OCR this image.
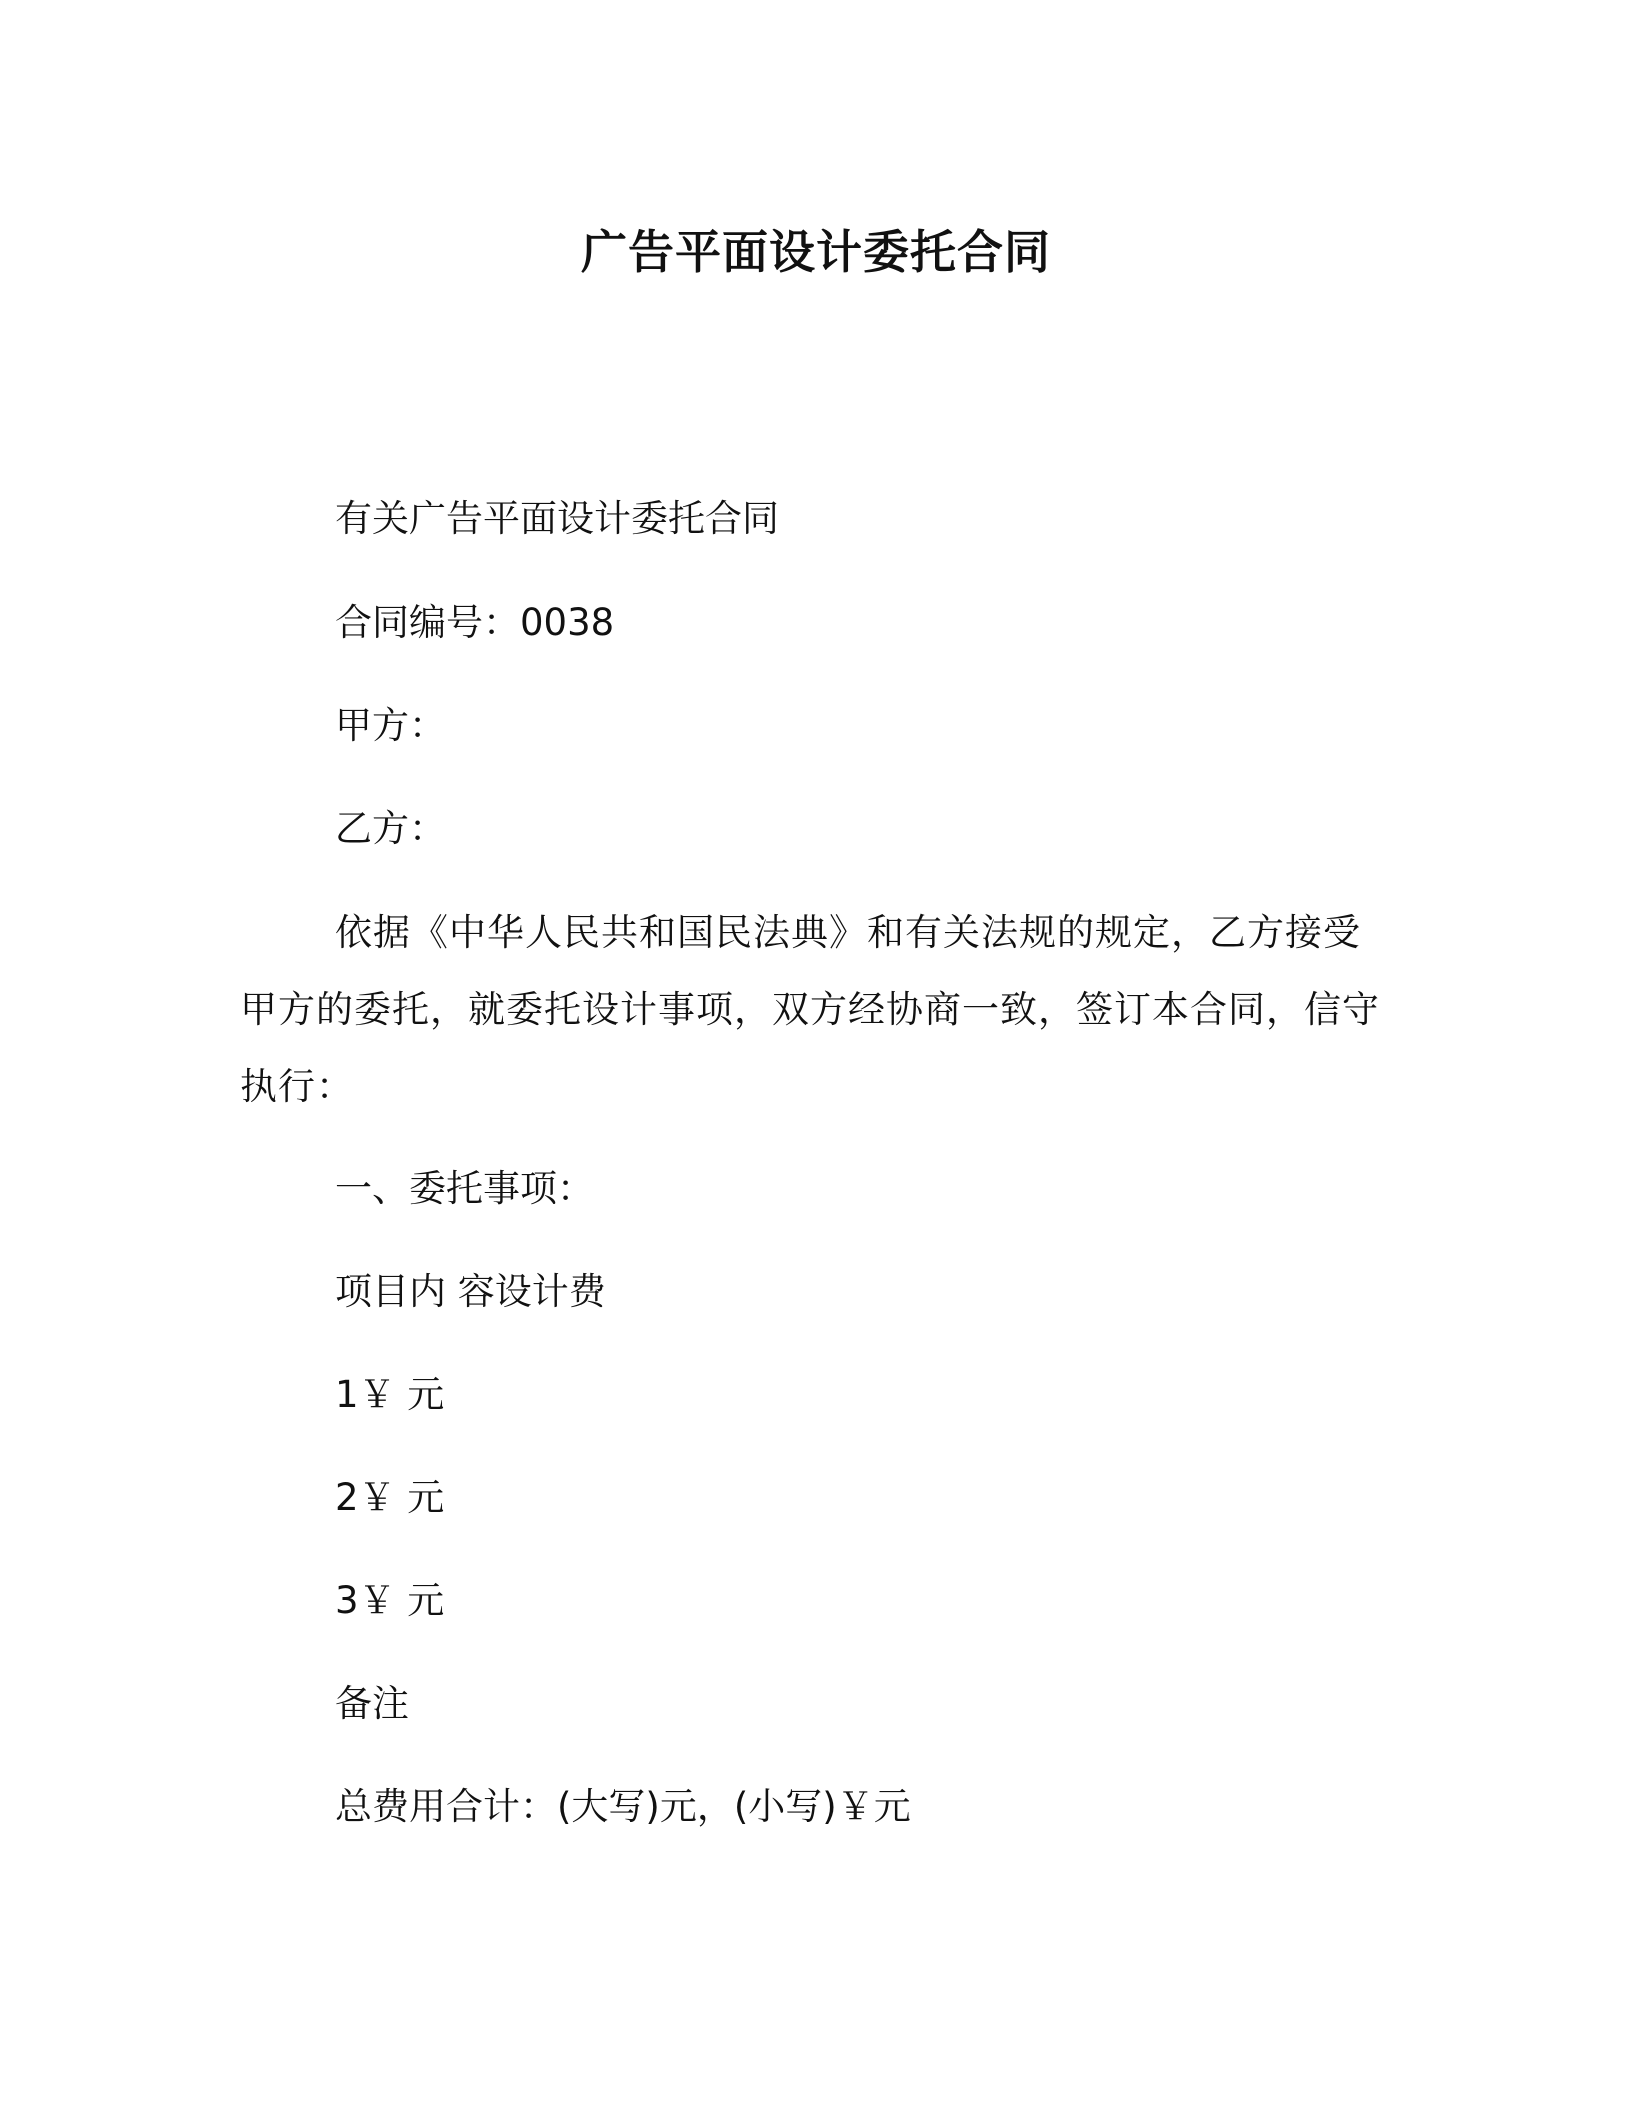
广告平面设计委托合同

有关广告平面设计委托合同

合同编号：0038

甲方：

乙方：

依据《中华人民共和国民法典》和有关法规的规定，乙方接受甲方的委托，就委托设计事项，双方经协商一致，签订本合同，信守执行：

一、委托事项：

项目内 容设计费

1￥ 元

2￥ 元

3￥ 元

备注

总费用合计：(大写)元，(小写)￥元
